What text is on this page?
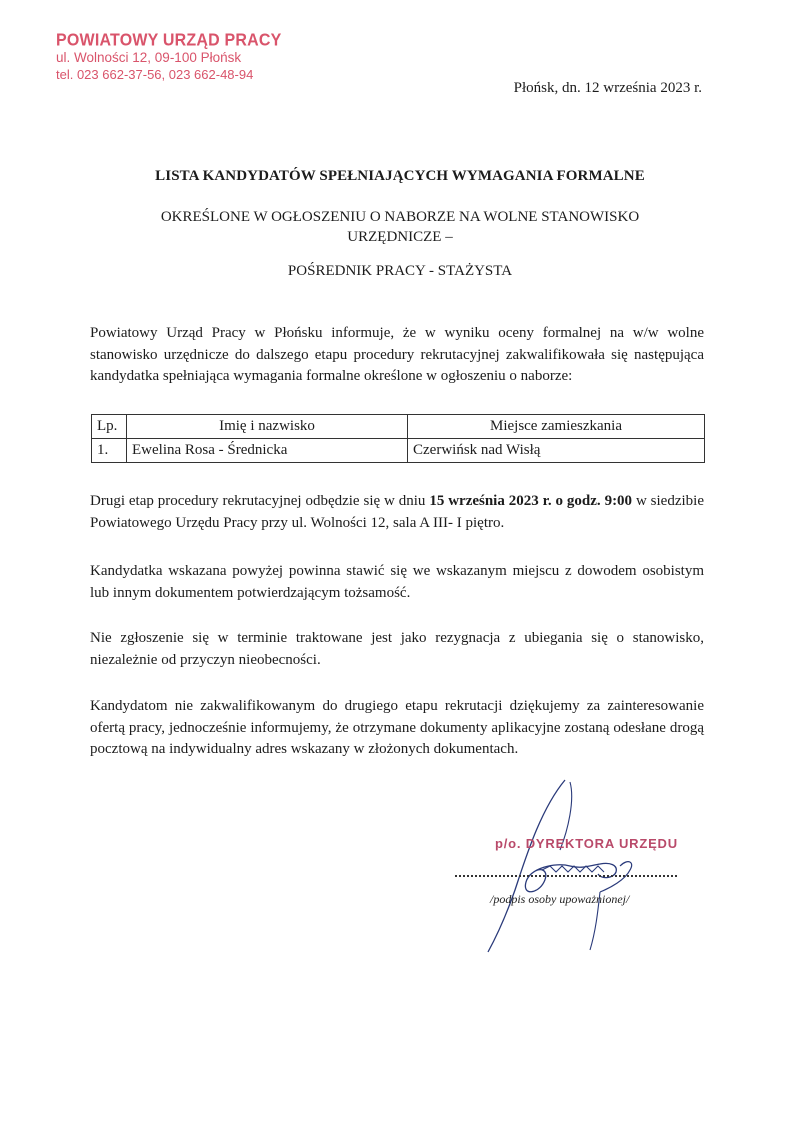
POWIATOWY URZĄD PRACY
ul. Wolności 12, 09-100 Płońsk
tel. 023 662-37-56, 023 662-48-94
Płońsk, dn. 12 września 2023 r.
LISTA KANDYDATÓW SPEŁNIAJĄCYCH WYMAGANIA FORMALNE
OKREŚLONE W OGŁOSZENIU O NABORZE NA WOLNE STANOWISKO URZĘDNICZE –
POŚREDNIK PRACY - STAŻYSTA
Powiatowy Urząd Pracy w Płońsku informuje, że w wyniku oceny formalnej na w/w wolne stanowisko urzędnicze do dalszego etapu procedury rekrutacyjnej zakwalifikowała się następująca kandydatka spełniająca wymagania formalne określone w ogłoszeniu o naborze:
Lp.	Imię i nazwisko	Miejsce zamieszkania
1.	Ewelina Rosa - Średnicka	Czerwińsk nad Wisłą
Drugi etap procedury rekrutacyjnej odbędzie się w dniu 15 września 2023 r. o godz. 9:00 w siedzibie Powiatowego Urzędu Pracy przy ul. Wolności 12, sala A III- I piętro.
Kandydatka wskazana powyżej powinna stawić się we wskazanym miejscu z dowodem osobistym lub innym dokumentem potwierdzającym tożsamość.
Nie zgłoszenie się w terminie traktowane jest jako rezygnacja z ubiegania się o stanowisko, niezależnie od przyczyn nieobecności.
Kandydatom nie zakwalifikowanym do drugiego etapu rekrutacji dziękujemy za zainteresowanie ofertą pracy, jednocześnie informujemy, że otrzymane dokumenty aplikacyjne zostaną odesłane drogą pocztową na indywidualny adres wskazany w złożonych dokumentach.
p/o. DYREKTORA URZĘDU
/podpis osoby upoważnionej/
